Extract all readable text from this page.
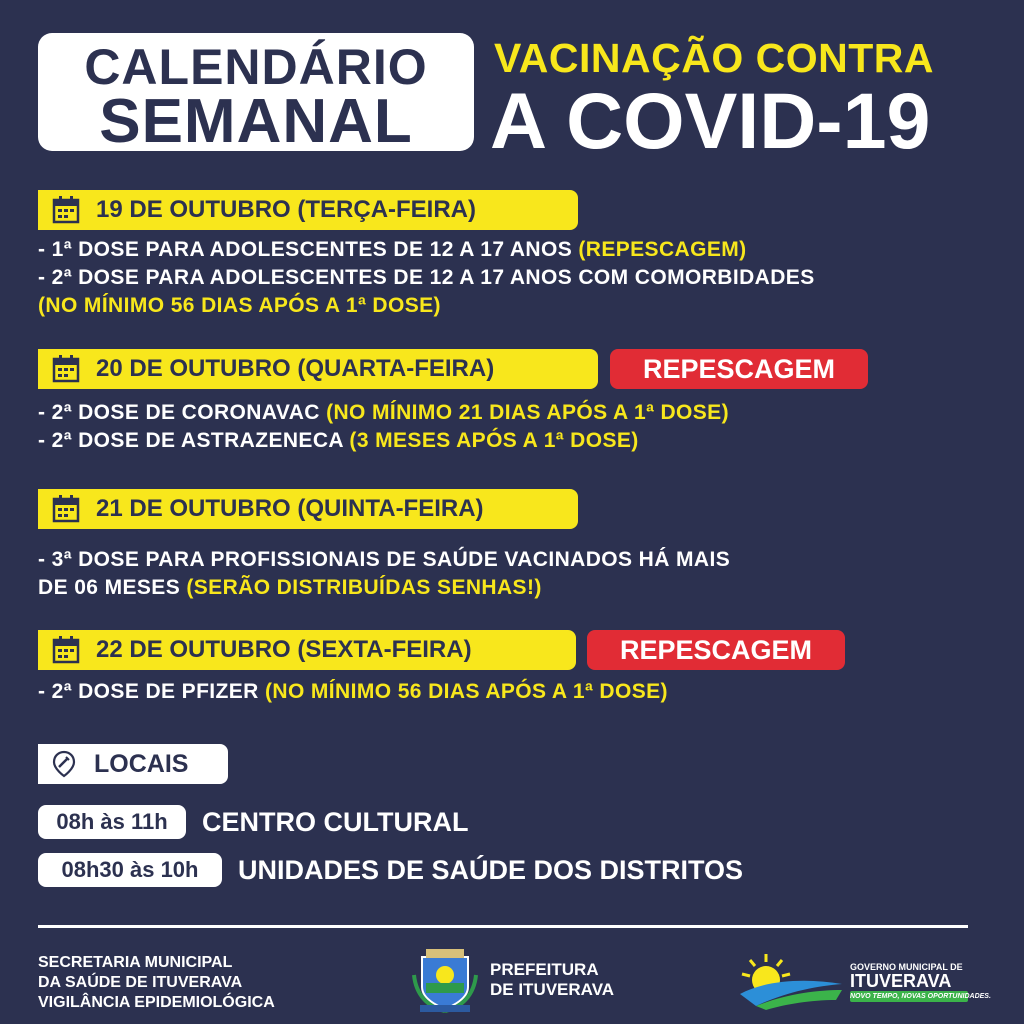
CALENDÁRIO
SEMANAL
VACINAÇÃO CONTRA
A COVID-19
19 DE OUTUBRO (TERÇA-FEIRA)
- 1ª DOSE PARA ADOLESCENTES DE 12 A 17 ANOS (REPESCAGEM)
- 2ª DOSE PARA ADOLESCENTES DE 12 A 17 ANOS COM COMORBIDADES
(NO MÍNIMO 56 DIAS APÓS A 1ª DOSE)
20 DE OUTUBRO (QUARTA-FEIRA)	REPESCAGEM
- 2ª DOSE DE CORONAVAC (NO MÍNIMO 21 DIAS APÓS A 1ª DOSE)
- 2ª DOSE DE ASTRAZENECA (3 MESES APÓS A 1ª DOSE)
21 DE OUTUBRO (QUINTA-FEIRA)
- 3ª DOSE PARA PROFISSIONAIS DE SAÚDE VACINADOS HÁ MAIS
DE 06 MESES (SERÃO DISTRIBUÍDAS SENHAS!)
22 DE OUTUBRO (SEXTA-FEIRA)	REPESCAGEM
- 2ª DOSE DE PFIZER (NO MÍNIMO 56 DIAS APÓS A 1ª DOSE)
LOCAIS
08h às 11h	CENTRO CULTURAL
08h30 às 10h	UNIDADES DE SAÚDE DOS DISTRITOS
SECRETARIA MUNICIPAL
DA SAÚDE DE ITUVERAVA
VIGILÂNCIA EPIDEMIOLÓGICA
PREFEITURA
DE ITUVERAVA
GOVERNO MUNICIPAL DE
ITUVERAVA
NOVO TEMPO, NOVAS OPORTUNIDADES.
